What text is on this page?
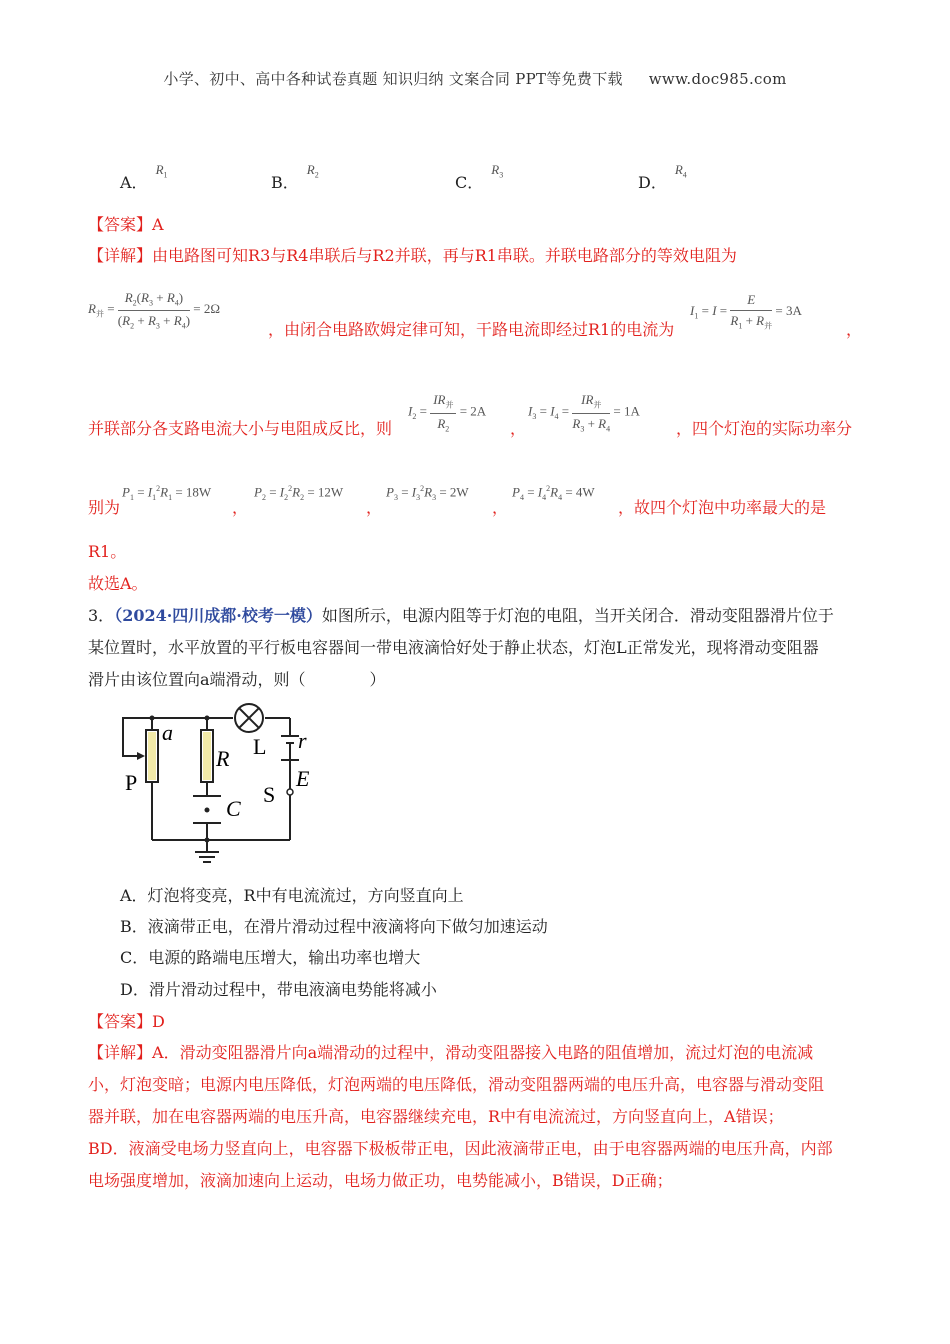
小学、初中、高中各种试卷真题 知识归纳 文案合同 PPT等免费下载 www.doc985.com
A．$R_1$	B．$R_2$	C．$R_3$	D．$R_4$
【答案】A
【详解】由电路图可知R3与R4串联后与R2并联，再与R1串联。并联电路部分的等效电阻为
$R_并 = \frac{R_2(R_3 + R_4)}{(R_2 + R_3 + R_4)} = 2\Omega$
，由闭合电路欧姆定律可知，干路电流即经过R1的电流为
$I_1 = I = \frac{E}{R_1 + R_并} = 3A$
，
并联部分各支路电流大小与电阻成反比，则
$I_2 = \frac{IR_并}{R_2} = 2A$
，
$I_3 = I_4 = \frac{IR_并}{R_3 + R_4} = 1A$
，四个灯泡的实际功率分
别为
$P_1 = I_1^2R_1 = 18W$
，
$P_2 = I_2^2R_2 = 12W$
，
$P_3 = I_3^2R_3 = 2W$
，
$P_4 = I_4^2R_4 = 4W$
，故四个灯泡中功率最大的是
R1。
故选A。
3．（2024·四川成都·校考一模）如图所示，电源内阻等于灯泡的电阻，当开关闭合．滑动变阻器滑片位于
某位置时，水平放置的平行板电容器间一带电液滴恰好处于静止状态，灯泡L正常发光，现将滑动变阻器
滑片由该位置向a端滑动，则（　　　　）
a
R L r
E
P	S
C
A．灯泡将变亮，R中有电流流过，方向竖直向上
B．液滴带正电，在滑片滑动过程中液滴将向下做匀加速运动
C．电源的路端电压增大，输出功率也增大
D．滑片滑动过程中，带电液滴电势能将减小
【答案】D
【详解】A．滑动变阻器滑片向a端滑动的过程中，滑动变阻器接入电路的阻值增加，流过灯泡的电流减
小，灯泡变暗；电源内电压降低，灯泡两端的电压降低，滑动变阻器两端的电压升高，电容器与滑动变阻
器并联，加在电容器两端的电压升高，电容器继续充电，R中有电流流过，方向竖直向上，A错误；
BD．液滴受电场力竖直向上，电容器下极板带正电，因此液滴带正电，由于电容器两端的电压升高，内部
电场强度增加，液滴加速向上运动，电场力做正功，电势能减小，B错误，D正确；
